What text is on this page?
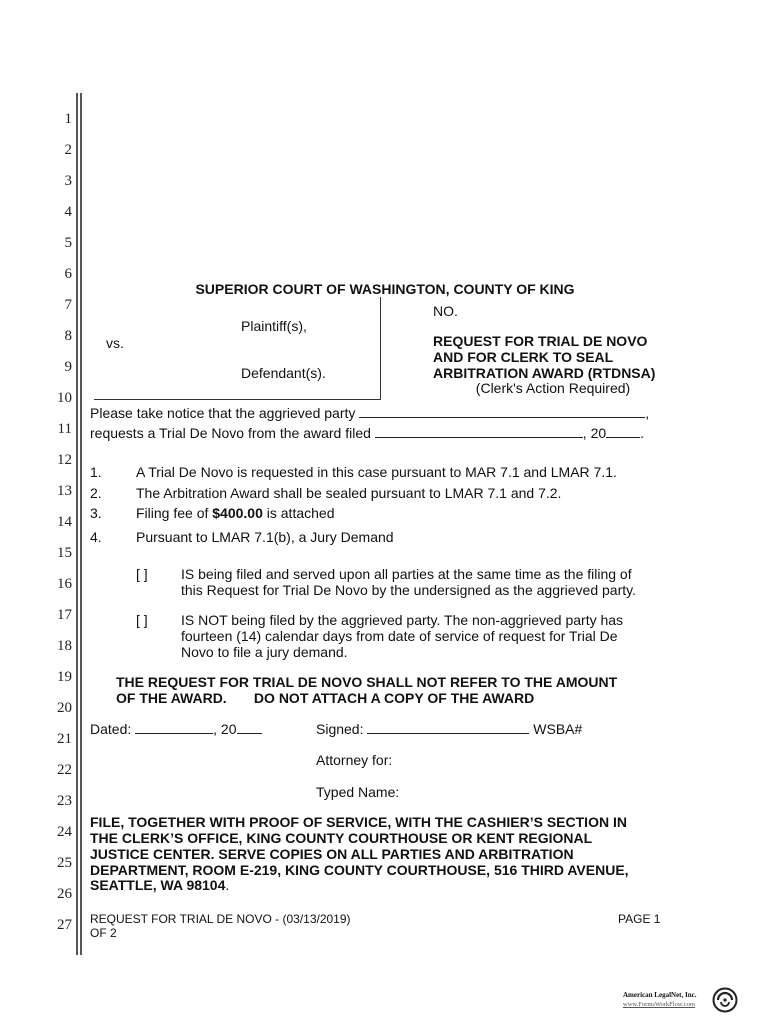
1
2
3
4
5
6
7
8
9
10
11
12
13
14
15
16
17
18
19
20
21
22
23
24
25
26
27
SUPERIOR COURT OF WASHINGTON, COUNTY OF KING
Plaintiff(s),
vs.
Defendant(s).
NO.
REQUEST FOR TRIAL DE NOVO
AND FOR CLERK TO SEAL
ARBITRATION AWARD (RTDNSA)
(Clerk's Action Required)
Please take notice that the aggrieved party	,
requests a Trial De Novo from the award filed	, 20 .
1. A Trial De Novo is requested in this case pursuant to MAR 7.1 and LMAR 7.1.
2. The Arbitration Award shall be sealed pursuant to LMAR 7.1 and 7.2.
3. Filing fee of $400.00 is attached
4. Pursuant to LMAR 7.1(b), a Jury Demand
[ ] IS being filed and served upon all parties at the same time as the filing of
this Request for Trial De Novo by the undersigned as the aggrieved party.
[ ] IS NOT being filed by the aggrieved party. The non-aggrieved party has
fourteen (14) calendar days from date of service of request for Trial De
Novo to file a jury demand.
THE REQUEST FOR TRIAL DE NOVO SHALL NOT REFER TO THE AMOUNT
OF THE AWARD.       DO NOT ATTACH A COPY OF THE AWARD
Dated:	, 20	Signed:	WSBA#
Attorney for:
Typed Name:
FILE, TOGETHER WITH PROOF OF SERVICE, WITH THE CASHIER’S SECTION IN
THE CLERK’S OFFICE, KING COUNTY COURTHOUSE OR KENT REGIONAL
JUSTICE CENTER. SERVE COPIES ON ALL PARTIES AND ARBITRATION
DEPARTMENT, ROOM E-219, KING COUNTY COURTHOUSE, 516 THIRD AVENUE,
SEATTLE, WA 98104.
REQUEST FOR TRIAL DE NOVO - (03/13/2019)	PAGE 1
OF 2
American LegalNet, Inc.
www.FormsWorkFlow.com
